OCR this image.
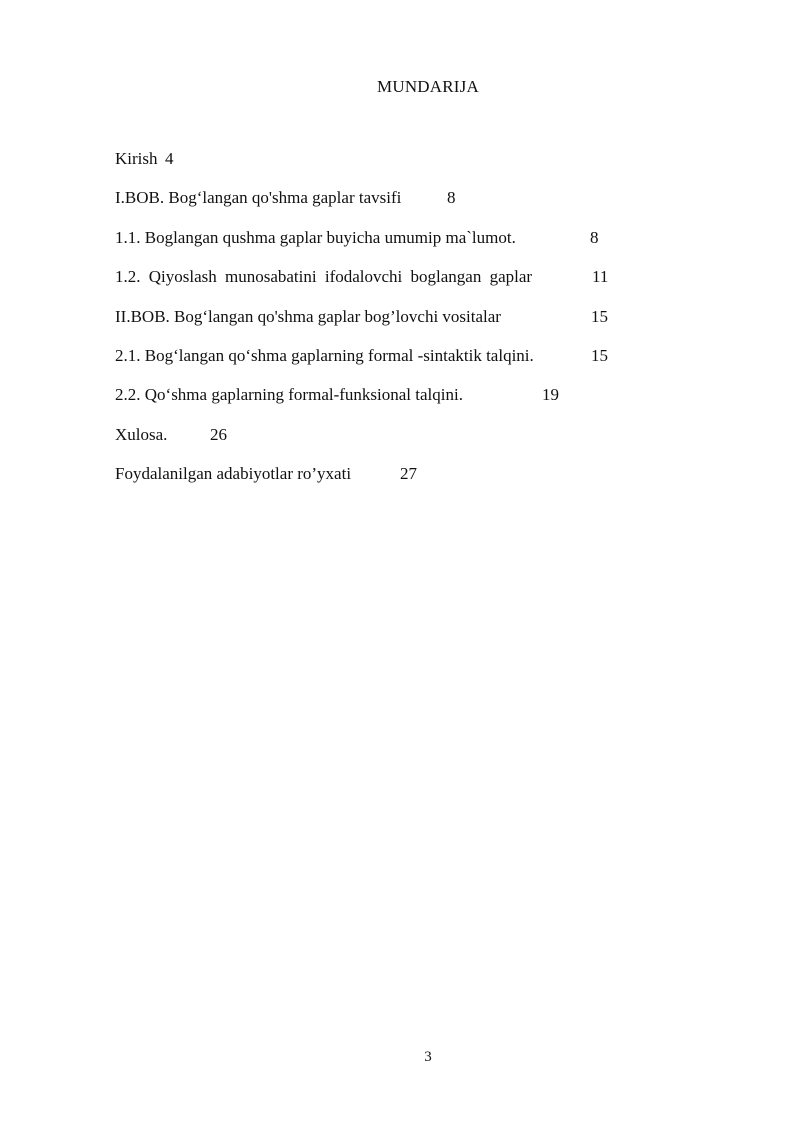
MUNDARIJA
Kirish 4
I.BOB. Bog‘langan qo'shma gaplar tavsifi	8
1.1. Boglangan qushma gaplar buyicha umumip ma`lumot.	8
1.2. Qiyoslash munosabatini ifodalovchi boglangan gaplar	11
II.BOB. Bog‘langan qo'shma gaplar bog’lovchi vositalar	15
2.1. Bog‘langan qo‘shma gaplarning formal -sintaktik talqini.	15
2.2. Qo‘shma gaplarning formal-funksional talqini.	19
Xulosa.	26
Foydalanilgan adabiyotlar ro’yxati	27
3
